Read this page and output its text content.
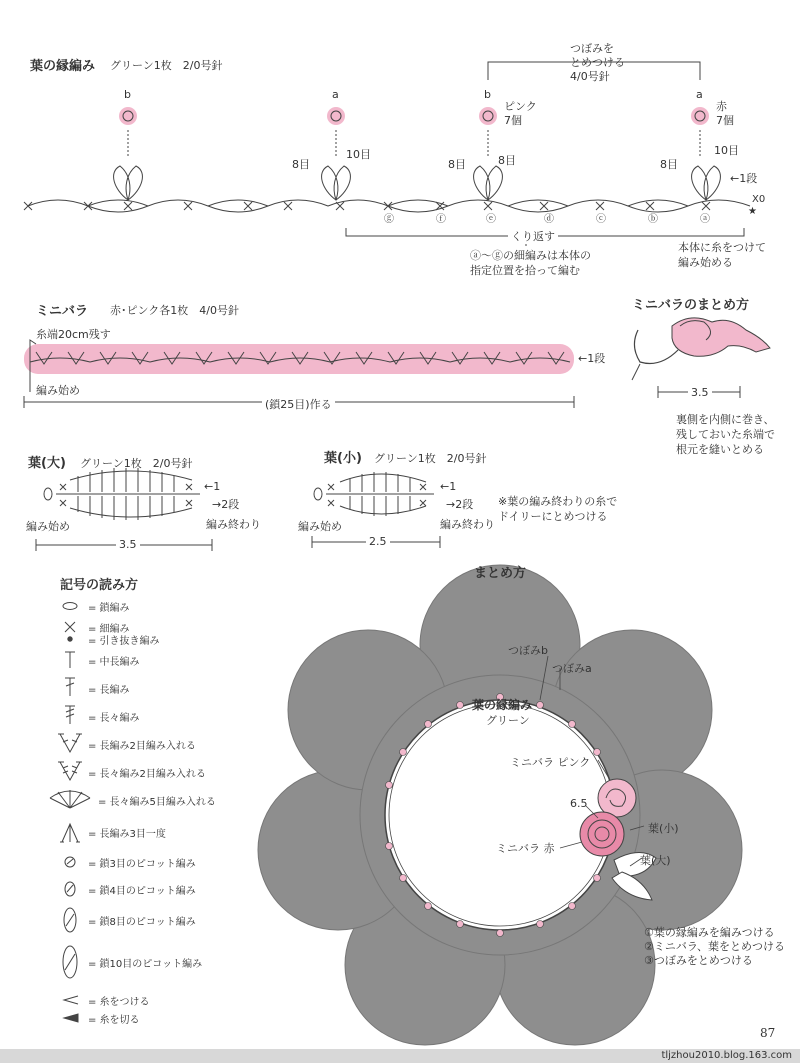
葉の縁編み グリーン1枚　2/0号針
つぼみを
とめつける
4/0号針
b	a	b	a
ピンク
7個
赤
7個
8目
10目
8目	8目	8目
10目
←1段
ⓖ	ⓕ	ⓔ	ⓓ	ⓒ	ⓑ	ⓐ
X0
★
くり返す
ⓐ～ⓖの細編みは本体の
指定位置を拾って編む
本体に糸をつけて
編み始める
ミニバラ 赤･ピンク各1枚　4/0号針
糸端20cm残す
←1段
編み始め
(鎖25目)作る
ミニバラのまとめ方
3.5
裏側を内側に巻き、
残しておいた糸端で
根元を縫いとめる
葉(大) グリーン1枚　2/0号針
←1
→2段
編み始め	編み終わり
3.5
葉(小) グリーン1枚　2/0号針
←1
→2段
編み始め	編み終わり
2.5
※葉の編み終わりの糸で
ドイリーにとめつける
記号の読み方
= 鎖編み
= 細編み
= 引き抜き編み
= 中長編み
= 長編み
= 長々編み
= 長編み2目編み入れる
= 長々編み2目編み入れる
= 長々編み5目編み入れる
= 長編み3目一度
= 鎖3目のピコット編み
= 鎖4目のピコット編み
= 鎖8目のピコット編み
= 鎖10目のピコット編み
= 糸をつける
= 糸を切る
まとめ方
つぼみb
つぼみa
葉の縁編み
グリーン
ミニバラ ピンク
6.5
ミニバラ 赤
葉(小)
葉(大)
①葉の縁編みを編みつける
②ミニバラ、葉をとめつける
③つぼみをとめつける
87
tljzhou2010.blog.163.com
